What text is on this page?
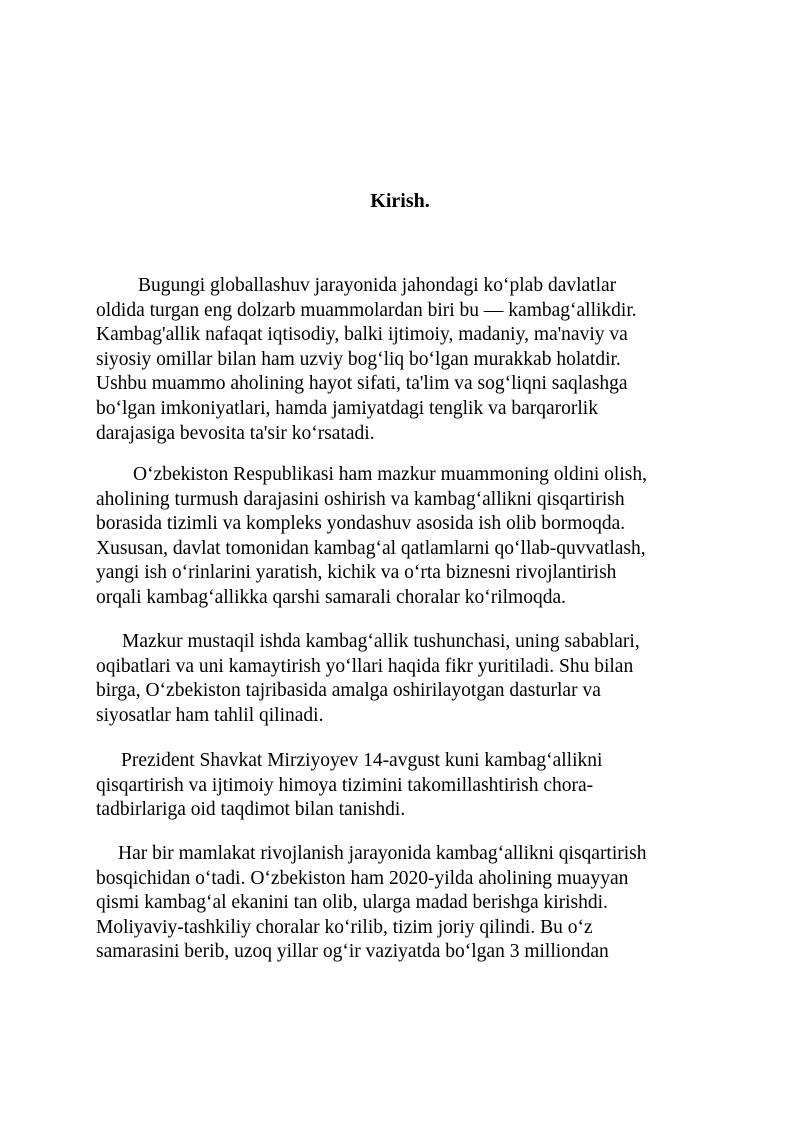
Kirish.
Bugungi globallashuv jarayonida jahondagi ko‘plab davlatlar
oldida turgan eng dolzarb muammolardan biri bu — kambag‘allikdir.
Kambag'allik nafaqat iqtisodiy, balki ijtimoiy, madaniy, ma'naviy va
siyosiy omillar bilan ham uzviy bog‘liq bo‘lgan murakkab holatdir.
Ushbu muammo aholining hayot sifati, ta'lim va sog‘liqni saqlashgа
bo‘lgan imkoniyatlari, hamda jamiyatdagi tenglik va barqarorlik
darajasiga bevosita ta'sir ko‘rsatadi.
O‘zbekiston Respublikasi ham mazkur muammoning oldini olish,
aholining turmush darajasini oshirish va kambag‘allikni qisqartirish
borasida tizimli va kompleks yondashuv asosida ish olib bormoqda.
Xususan, davlat tomonidan kambag‘al qatlamlarni qo‘llab-quvvatlash,
yangi ish o‘rinlarini yaratish, kichik va o‘rta biznesni rivojlantirish
orqali kambag‘allikka qarshi samarali choralar ko‘rilmoqda.
Mazkur mustaqil ishda kambag‘allik tushunchasi, uning sabablari,
oqibatlari va uni kamaytirish yo‘llari haqida fikr yuritiladi. Shu bilan
birga, O‘zbekiston tajribasida amalga oshirilayotgan dasturlar va
siyosatlar ham tahlil qilinadi.
Prezident Shavkat Mirziyoyev 14-avgust kuni kambag‘allikni
qisqartirish va ijtimoiy himoya tizimini takomillashtirish chora-
tadbirlariga oid taqdimot bilan tanishdi.
Har bir mamlakat rivojlanish jarayonida kambag‘allikni qisqartirish
bosqichidan o‘tadi. O‘zbekiston ham 2020-yilda aholining muayyan
qismi kambag‘al ekanini tan olib, ularga madad berishga kirishdi.
Moliyaviy-tashkiliy choralar ko‘rilib, tizim joriy qilindi. Bu o‘z
samarasini berib, uzoq yillar og‘ir vaziyatda bo‘lgan 3 milliondan
